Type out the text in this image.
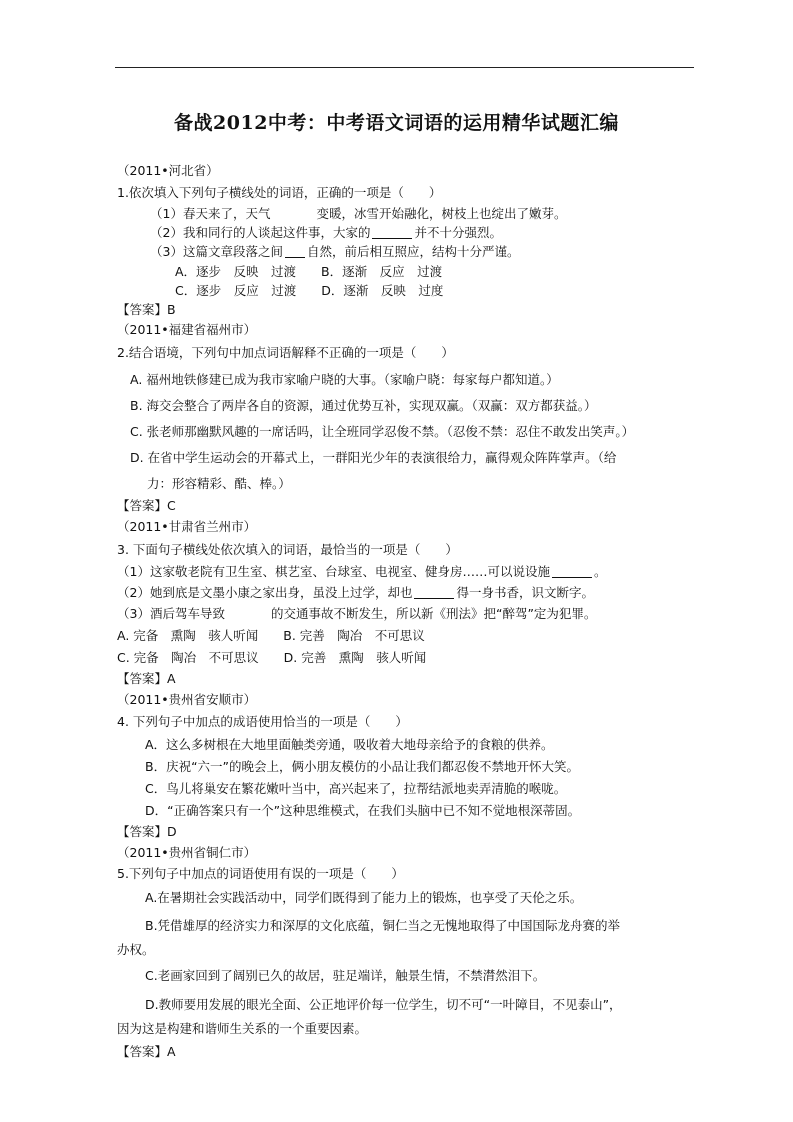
备战2012中考：中考语文词语的运用精华试题汇编
（2011•河北省）
1.依次填入下列句子横线处的词语，正确的一项是（　　）
（1）春天来了，天气	变暖，冰雪开始融化，树枝上也绽出了嫩芽。
（2）我和同行的人谈起这件事，大家的	并不十分强烈。
（3）这篇文章段落之间 自然，前后相互照应，结构十分严谨。
A．逐步　反映　过渡　　B．逐渐　反应　过渡
C．逐步　反应　过渡　　D．逐渐　反映　过度
【答案】B
（2011•福建省福州市）
2.结合语境，下列句中加点词语解释不正确的一项是（　　）
A. 福州地铁修建已成为我市家喻户晓的大事。（家喻户晓：每家每户都知道。）
B. 海交会整合了两岸各自的资源，通过优势互补，实现双赢。（双赢：双方都获益。）
C. 张老师那幽默风趣的一席话吗，让全班同学忍俊不禁。（忍俊不禁：忍住不敢发出笑声。）
D. 在省中学生运动会的开幕式上，一群阳光少年的表演很给力，赢得观众阵阵掌声。（给
力：形容精彩、酷、棒。）
【答案】C
（2011•甘肃省兰州市）
3. 下面句子横线处依次填入的词语，最恰当的一项是（　　）
（1）这家敬老院有卫生室、棋艺室、台球室、电视室、健身房……可以说设施	。
（2）她到底是文墨小康之家出身，虽没上过学，却也	得一身书香，识文断字。
（3）酒后驾车导致	的交通事故不断发生，所以新《刑法》把“醉驾”定为犯罪。
A. 完备　熏陶　骇人听闻　　B. 完善　陶冶　不可思议
C. 完备　陶冶　不可思议　　D. 完善　熏陶　骇人听闻
【答案】A
（2011•贵州省安顺市）
4. 下列句子中加点的成语使用恰当的一项是（　　）
A．这么多树根在大地里面触类旁通，吸收着大地母亲给予的食粮的供养。
B．庆祝“六一”的晚会上，俩小朋友模仿的小品让我们都忍俊不禁地开怀大笑。
C．鸟儿将巢安在繁花嫩叶当中，高兴起来了，拉帮结派地卖弄清脆的喉咙。
D．“正确答案只有一个”这种思维模式，在我们头脑中已不知不觉地根深蒂固。
【答案】D
（2011•贵州省铜仁市）
5.下列句子中加点的词语使用有误的一项是（　　）
A.在暑期社会实践活动中，同学们既得到了能力上的锻炼，也享受了天伦之乐。
B.凭借雄厚的经济实力和深厚的文化底蕴，铜仁当之无愧地取得了中国国际龙舟赛的举
办权。
C.老画家回到了阔别已久的故居，驻足端详，触景生情，不禁潸然泪下。
D.教师要用发展的眼光全面、公正地评价每一位学生，切不可“一叶障目，不见泰山”，
因为这是构建和谐师生关系的一个重要因素。
【答案】A
